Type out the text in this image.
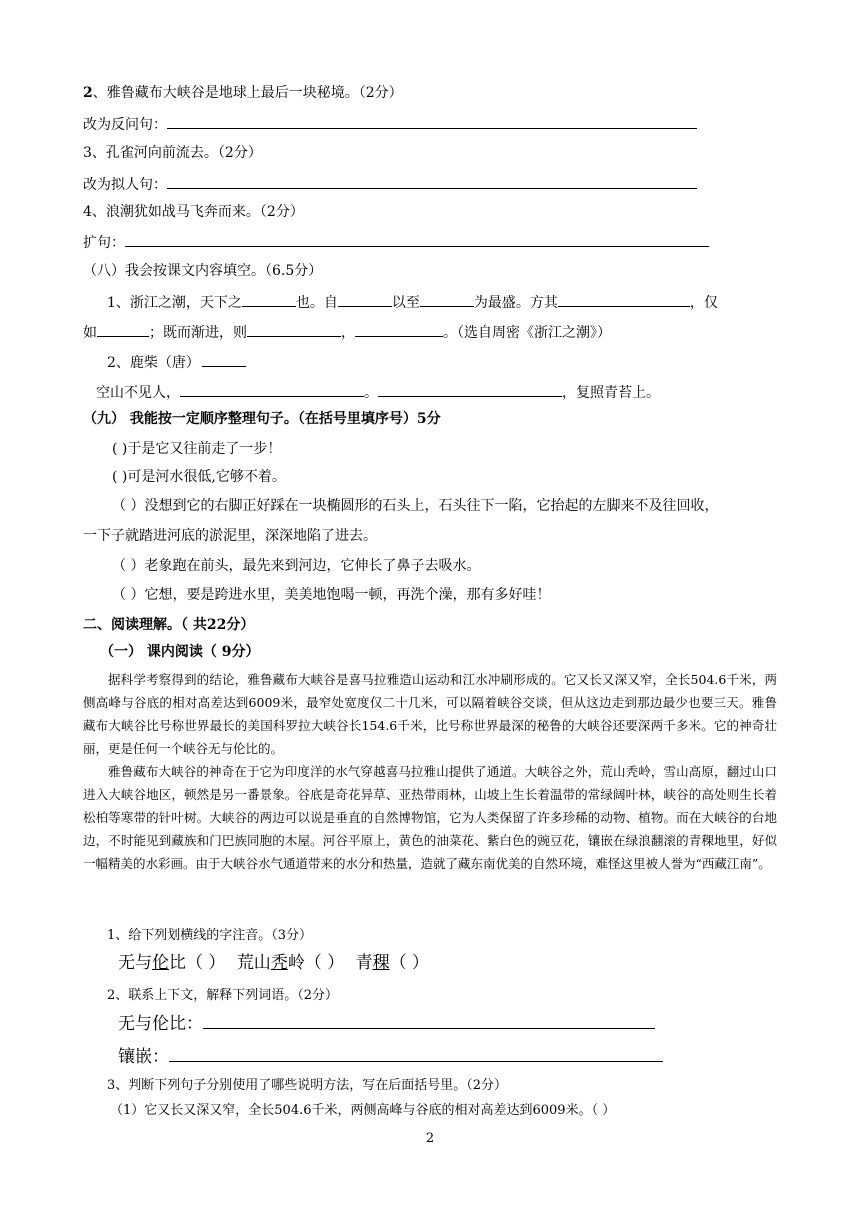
2、雅鲁藏布大峡谷是地球上最后一块秘境。（2分）
改为反问句：
3、孔雀河向前流去。（2分）
改为拟人句：
4、浪潮犹如战马飞奔而来。（2分）
扩句：
（八）我会按课文内容填空。（6.5分）
1、浙江之潮，天下之	也。自	以至	为最盛。方其	，仅
如	；既而渐进，则	，	。（选自周密《浙江之潮》）
2、鹿柴（唐）
空山不见人，	。	，复照青苔上。
（九） 我能按一定顺序整理句子。（在括号里填序号）5分
( )于是它又往前走了一步！
( )可是河水很低,它够不着。
（ ）没想到它的右脚正好踩在一块椭圆形的石头上，石头往下一陷，它抬起的左脚来不及往回收，
一下子就踏进河底的淤泥里，深深地陷了进去。
（ ）老象跑在前头，最先来到河边，它伸长了鼻子去吸水。
（ ）它想，要是跨进水里，美美地饱喝一顿，再洗个澡，那有多好哇！
二、阅读理解。（ 共22分）
（一） 课内阅读（ 9分）
据科学考察得到的结论，雅鲁藏布大峡谷是喜马拉雅造山运动和江水冲刷形成的。它又长又深又窄，全长504.6千米，两侧高峰与谷底的相对高差达到6009米，最窄处宽度仅二十几米，可以隔着峡谷交谈，但从这边走到那边最少也要三天。雅鲁藏布大峡谷比号称世界最长的美国科罗拉大峡谷长154.6千米，比号称世界最深的秘鲁的大峡谷还要深两千多米。它的神奇壮丽，更是任何一个峡谷无与伦比的。
雅鲁藏布大峡谷的神奇在于它为印度洋的水气穿越喜马拉雅山提供了通道。大峡谷之外，荒山秃岭，雪山高原，翻过山口进入大峡谷地区，顿然是另一番景象。谷底是奇花异草、亚热带雨林，山坡上生长着温带的常绿阔叶林，峡谷的高处则生长着松柏等寒带的针叶树。大峡谷的两边可以说是垂直的自然博物馆，它为人类保留了许多珍稀的动物、植物。而在大峡谷的台地边，不时能见到藏族和门巴族同胞的木屋。河谷平原上，黄色的油菜花、紫白色的豌豆花，镶嵌在绿浪翻滚的青稞地里，好似一幅精美的水彩画。由于大峡谷水气通道带来的水分和热量，造就了藏东南优美的自然环境，难怪这里被人誉为“西藏江南”。
1、给下列划横线的字注音。（3分）
无与伦比（ ） 荒山秃岭（ ） 青稞（ ）
2、联系上下文，解释下列词语。（2分）
无与伦比：
镶嵌：
3、判断下列句子分别使用了哪些说明方法，写在后面括号里。（2分）
（1）它又长又深又窄，全长504.6千米，两侧高峰与谷底的相对高差达到6009米。（ ）
2
